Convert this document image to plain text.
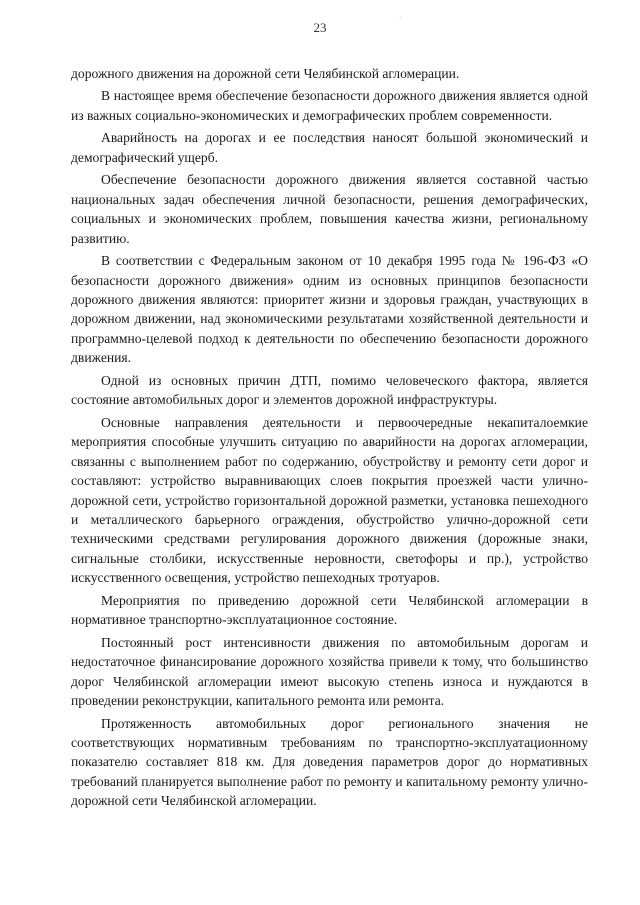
23
·

дорожного движения на дорожной сети Челябинской агломерации.

В настоящее время обеспечение безопасности дорожного движения является одной из важных социально-экономических и демографических проблем современности.

Аварийность на дорогах и ее последствия наносят большой экономический и демографический ущерб.

Обеспечение безопасности дорожного движения является составной частью национальных задач обеспечения личной безопасности, решения демографических, социальных и экономических проблем, повышения качества жизни, региональному развитию.

В соответствии с Федеральным законом от 10 декабря 1995 года № 196-ФЗ «О безопасности дорожного движения» одним из основных принципов безопасности дорожного движения являются: приоритет жизни и здоровья граждан, участвующих в дорожном движении, над экономическими результатами хозяйственной деятельности и программно-целевой подход к деятельности по обеспечению безопасности дорожного движения.

Одной из основных причин ДТП, помимо человеческого фактора, является состояние автомобильных дорог и элементов дорожной инфраструктуры.

Основные направления деятельности и первоочередные некапиталоемкие мероприятия способные улучшить ситуацию по аварийности на дорогах агломерации, связанны с выполнением работ по содержанию, обустройству и ремонту сети дорог и составляют: устройство выравнивающих слоев покрытия проезжей части улично-дорожной сети, устройство горизонтальной дорожной разметки, установка пешеходного и металлического барьерного ограждения, обустройство улично-дорожной сети техническими средствами регулирования дорожного движения (дорожные знаки, сигнальные столбики, искусственные неровности, светофоры и пр.), устройство искусственного освещения, устройство пешеходных тротуаров.

Мероприятия по приведению дорожной сети Челябинской агломерации в нормативное транспортно-эксплуатационное состояние.

Постоянный рост интенсивности движения по автомобильным дорогам и недостаточное финансирование дорожного хозяйства привели к тому, что большинство дорог Челябинской агломерации имеют высокую степень износа и нуждаются в проведении реконструкции, капитального ремонта или ремонта.

Протяженность автомобильных дорог регионального значения не соответствующих нормативным требованиям по транспортно-эксплуатационному показателю составляет 818 км. Для доведения параметров дорог до нормативных требований планируется выполнение работ по ремонту и капитальному ремонту улично-дорожной сети Челябинской агломерации.
